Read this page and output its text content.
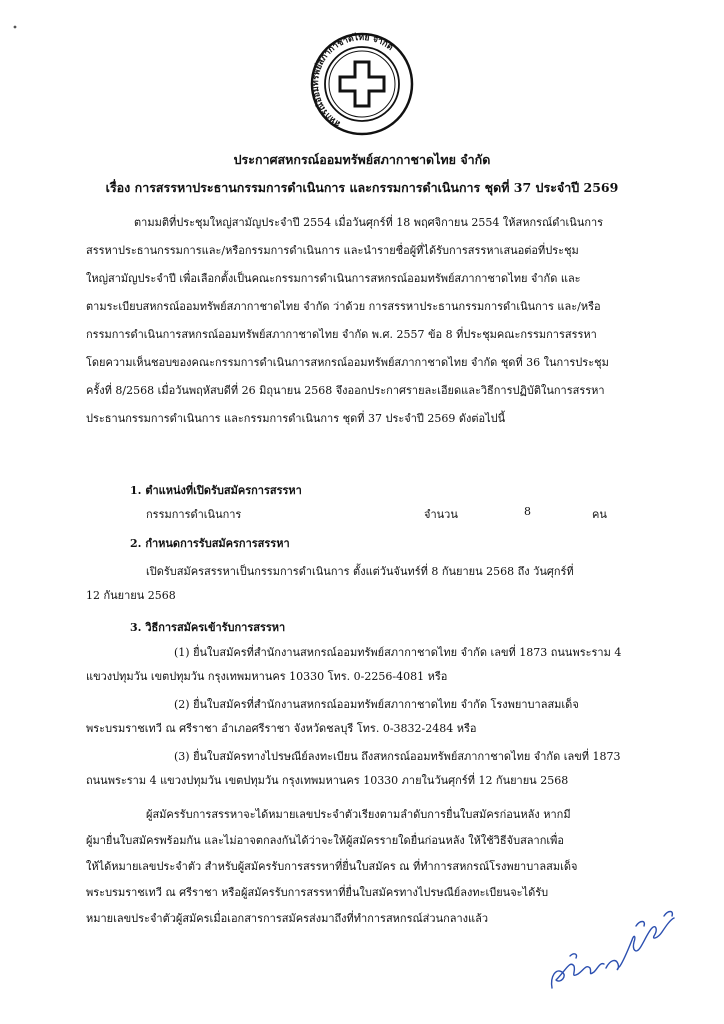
สหกรณ์ออมทรัพย์สภากาชาดไทย จำกัด
ประกาศสหกรณ์ออมทรัพย์สภากาชาดไทย จำกัด
เรื่อง การสรรหาประธานกรรมการดำเนินการ และกรรมการดำเนินการ ชุดที่ 37 ประจำปี 2569
ตามมติที่ประชุมใหญ่สามัญประจำปี 2554 เมื่อวันศุกร์ที่ 18 พฤศจิกายน 2554 ให้สหกรณ์ดำเนินการ
สรรหาประธานกรรมการและ/หรือกรรมการดำเนินการ และนำรายชื่อผู้ที่ได้รับการสรรหาเสนอต่อที่ประชุม
ใหญ่สามัญประจำปี เพื่อเลือกตั้งเป็นคณะกรรมการดำเนินการสหกรณ์ออมทรัพย์สภากาชาดไทย จำกัด และ
ตามระเบียบสหกรณ์ออมทรัพย์สภากาชาดไทย จำกัด ว่าด้วย การสรรหาประธานกรรมการดำเนินการ และ/หรือ
กรรมการดำเนินการสหกรณ์ออมทรัพย์สภากาชาดไทย จำกัด พ.ศ. 2557 ข้อ 8 ที่ประชุมคณะกรรมการสรรหา
โดยความเห็นชอบของคณะกรรมการดำเนินการสหกรณ์ออมทรัพย์สภากาชาดไทย จำกัด ชุดที่ 36 ในการประชุม
ครั้งที่ 8/2568 เมื่อวันพฤหัสบดีที่ 26 มิถุนายน 2568 จึงออกประกาศรายละเอียดและวิธีการปฏิบัติในการสรรหา
ประธานกรรมการดำเนินการ และกรรมการดำเนินการ ชุดที่ 37 ประจำปี 2569 ดังต่อไปนี้
1. ตำแหน่งที่เปิดรับสมัครการสรรหา
กรรมการดำเนินการ	จำนวน	8	คน
2. กำหนดการรับสมัครการสรรหา
เปิดรับสมัครสรรหาเป็นกรรมการดำเนินการ ตั้งแต่วันจันทร์ที่ 8 กันยายน 2568 ถึง วันศุกร์ที่
12 กันยายน 2568
3. วิธีการสมัครเข้ารับการสรรหา
(1) ยื่นใบสมัครที่สำนักงานสหกรณ์ออมทรัพย์สภากาชาดไทย จำกัด เลขที่ 1873 ถนนพระราม 4
แขวงปทุมวัน เขตปทุมวัน กรุงเทพมหานคร 10330 โทร. 0-2256-4081 หรือ
(2) ยื่นใบสมัครที่สำนักงานสหกรณ์ออมทรัพย์สภากาชาดไทย จำกัด โรงพยาบาลสมเด็จ
พระบรมราชเทวี ณ ศรีราชา อำเภอศรีราชา จังหวัดชลบุรี โทร. 0-3832-2484 หรือ
(3) ยื่นใบสมัครทางไปรษณีย์ลงทะเบียน ถึงสหกรณ์ออมทรัพย์สภากาชาดไทย จำกัด เลขที่ 1873
ถนนพระราม 4 แขวงปทุมวัน เขตปทุมวัน กรุงเทพมหานคร 10330 ภายในวันศุกร์ที่ 12 กันยายน 2568
ผู้สมัครรับการสรรหาจะได้หมายเลขประจำตัวเรียงตามลำดับการยื่นใบสมัครก่อนหลัง หากมี
ผู้มายื่นใบสมัครพร้อมกัน และไม่อาจตกลงกันได้ว่าจะให้ผู้สมัครรายใดยื่นก่อนหลัง ให้ใช้วิธีจับสลากเพื่อ
ให้ได้หมายเลขประจำตัว สำหรับผู้สมัครรับการสรรหาที่ยื่นใบสมัคร ณ ที่ทำการสหกรณ์โรงพยาบาลสมเด็จ
พระบรมราชเทวี ณ ศรีราชา หรือผู้สมัครรับการสรรหาที่ยื่นใบสมัครทางไปรษณีย์ลงทะเบียนจะได้รับ
หมายเลขประจำตัวผู้สมัครเมื่อเอกสารการสมัครส่งมาถึงที่ทำการสหกรณ์ส่วนกลางแล้ว
